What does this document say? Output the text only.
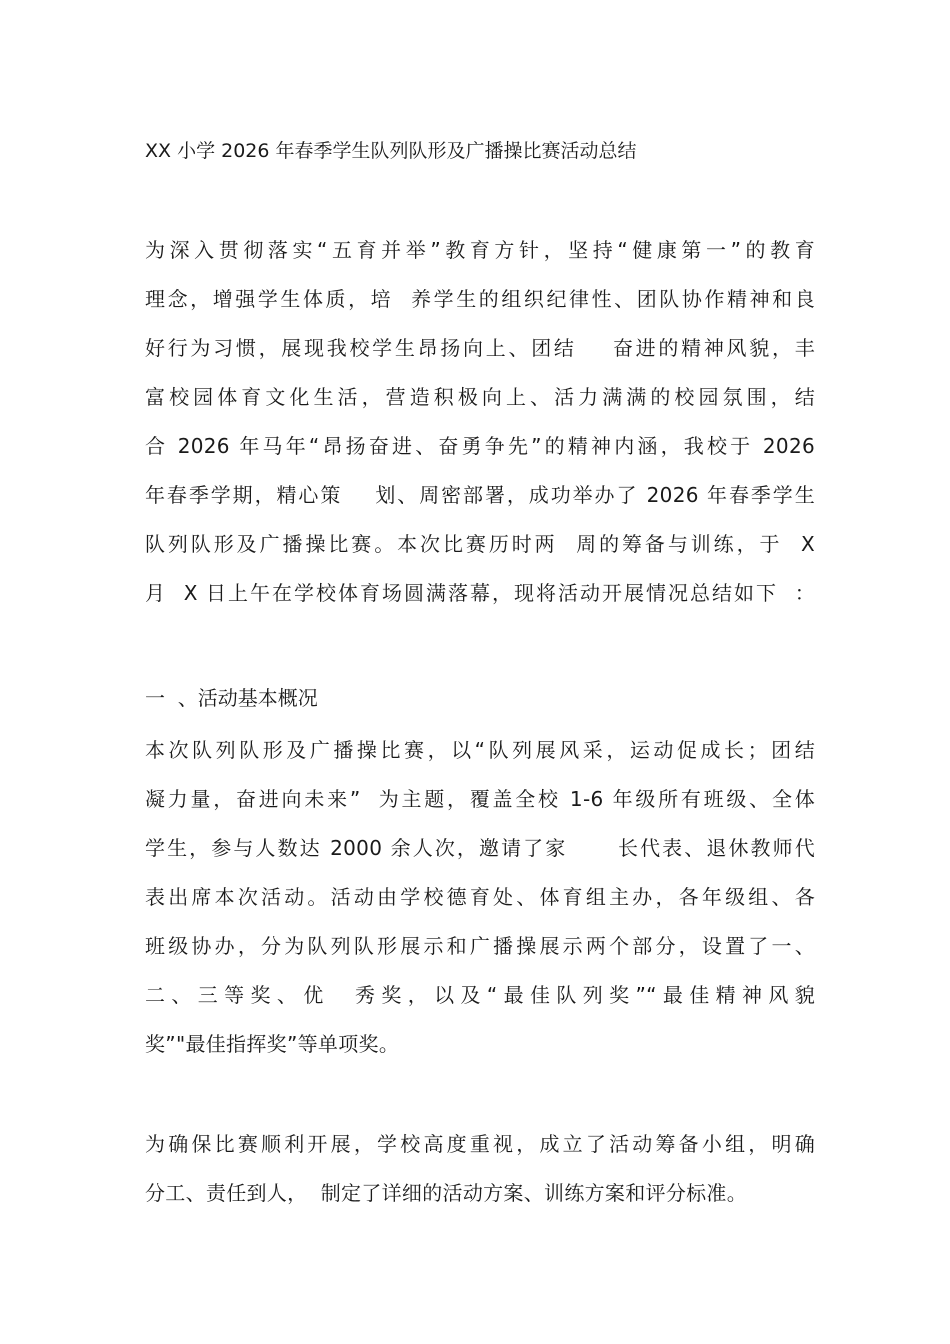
XX 小学 2026 年春季学生队列队形及广播操比赛活动总结
为深入贯彻落实“五育并举”教育方针，坚持“健康第一”的教育
理念，增强学生体质，培  养学生的组织纪律性、团队协作精神和良
好行为习惯，展现我校学生昂扬向上、团结    奋进的精神风貌，丰
富校园体育文化生活，营造积极向上、活力满满的校园氛围，结
合 2026 年马年“昂扬奋进、奋勇争先”的精神内涵，我校于 2026
年春季学期，精心策    划、周密部署，成功举办了 2026 年春季学生
队列队形及广播操比赛。本次比赛历时两  周的筹备与训练，于  X
月  X 日上午在学校体育场圆满落幕，现将活动开展情况总结如下  ：
一  、活动基本概况
本次队列队形及广播操比赛，以“队列展风采，运动促成长；团结
凝力量，奋进向未来”  为主题，覆盖全校 1-6 年级所有班级、全体
学生，参与人数达 2000 余人次，邀请了家      长代表、退休教师代
表出席本次活动。活动由学校德育处、体育组主办，各年级组、各
班级协办，分为队列队形展示和广播操展示两个部分，设置了一、
二、三等奖、优  秀奖，以及“最佳队列奖”“最佳精神风貌
奖”"最佳指挥奖”等单项奖。
为确保比赛顺利开展，学校高度重视，成立了活动筹备小组，明确
分工、责任到人，  制定了详细的活动方案、训练方案和评分标准。
